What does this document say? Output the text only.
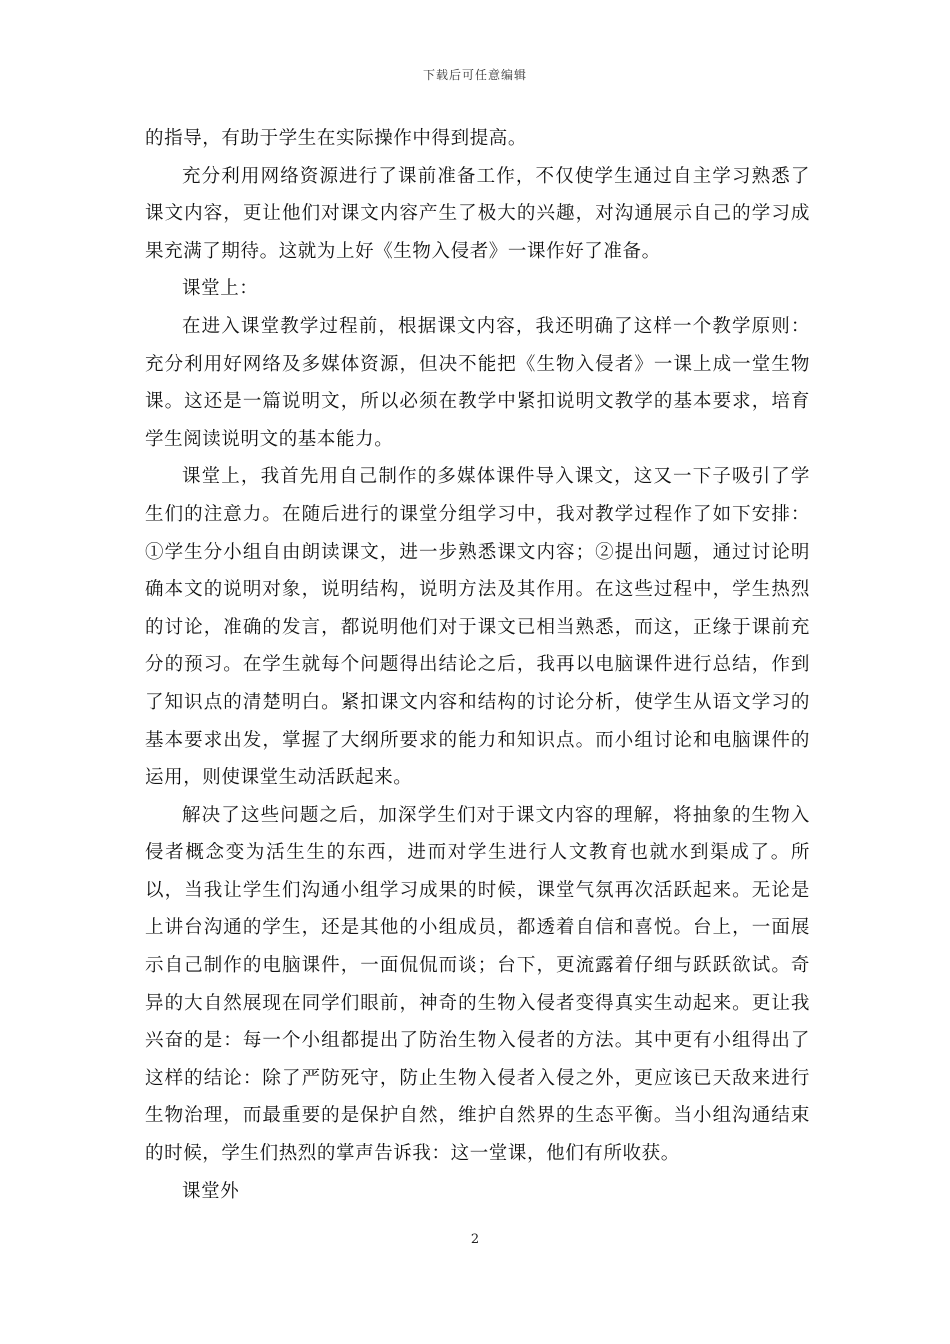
下载后可任意编辑

的指导，有助于学生在实际操作中得到提高。

充分利用网络资源进行了课前准备工作，不仅使学生通过自主学习熟悉了课文内容，更让他们对课文内容产生了极大的兴趣，对沟通展示自己的学习成果充满了期待。这就为上好《生物入侵者》一课作好了准备。

课堂上：

在进入课堂教学过程前，根据课文内容，我还明确了这样一个教学原则：充分利用好网络及多媒体资源，但决不能把《生物入侵者》一课上成一堂生物课。这还是一篇说明文，所以必须在教学中紧扣说明文教学的基本要求，培育学生阅读说明文的基本能力。

课堂上，我首先用自己制作的多媒体课件导入课文，这又一下子吸引了学生们的注意力。在随后进行的课堂分组学习中，我对教学过程作了如下安排：①学生分小组自由朗读课文，进一步熟悉课文内容；②提出问题，通过讨论明确本文的说明对象，说明结构，说明方法及其作用。在这些过程中，学生热烈的讨论，准确的发言，都说明他们对于课文已相当熟悉，而这，正缘于课前充分的预习。在学生就每个问题得出结论之后，我再以电脑课件进行总结，作到了知识点的清楚明白。紧扣课文内容和结构的讨论分析，使学生从语文学习的基本要求出发，掌握了大纲所要求的能力和知识点。而小组讨论和电脑课件的运用，则使课堂生动活跃起来。

解决了这些问题之后，加深学生们对于课文内容的理解，将抽象的生物入侵者概念变为活生生的东西，进而对学生进行人文教育也就水到渠成了。所以，当我让学生们沟通小组学习成果的时候，课堂气氛再次活跃起来。无论是上讲台沟通的学生，还是其他的小组成员，都透着自信和喜悦。台上，一面展示自己制作的电脑课件，一面侃侃而谈；台下，更流露着仔细与跃跃欲试。奇异的大自然展现在同学们眼前，神奇的生物入侵者变得真实生动起来。更让我兴奋的是：每一个小组都提出了防治生物入侵者的方法。其中更有小组得出了这样的结论：除了严防死守，防止生物入侵者入侵之外，更应该已天敌来进行生物治理，而最重要的是保护自然，维护自然界的生态平衡。当小组沟通结束的时候，学生们热烈的掌声告诉我：这一堂课，他们有所收获。

课堂外

2
